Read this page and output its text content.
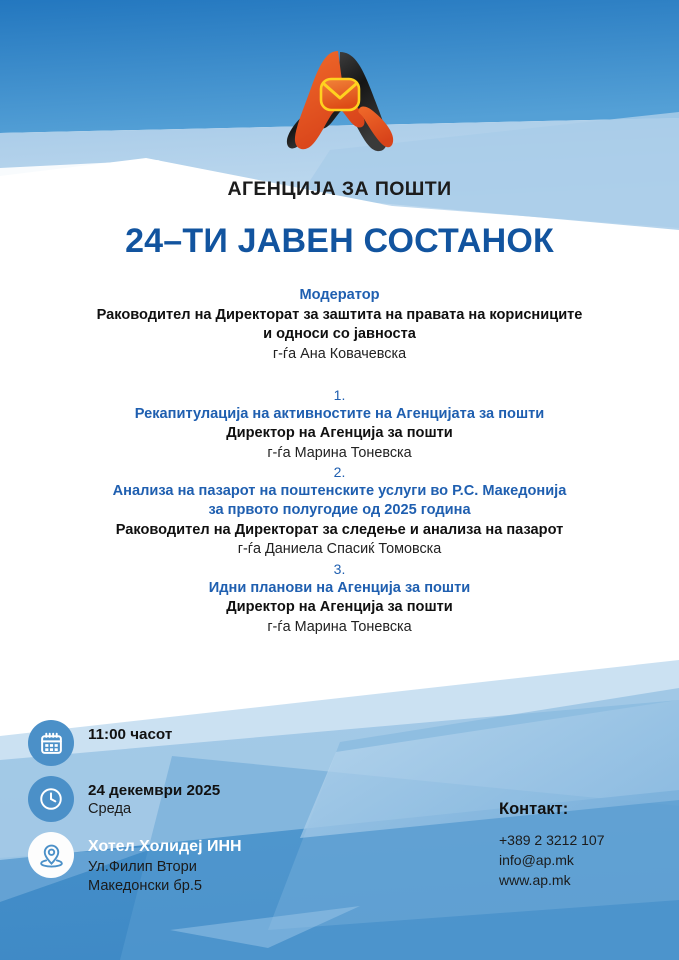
АГЕНЦИЈА ЗА ПОШТИ
24–ТИ ЈАВЕН СОСТАНОК
Модератор
Раководител на Директорат за заштита на правата на корисниците
и односи со јавноста
г-ѓа Ана Ковачевска
1.
Рекапитулација на активностите на Агенцијата за пошти
Директор на Агенција за пошти
г-ѓа Марина Тоневска
2.
Анализа на пазарот на поштенските услуги во Р.С. Македонија
за првото полугодие од 2025 година
Раководител на Директорат за следење и анализа на пазарот
г-ѓа Даниела Спасиќ Томовска
3.
Идни планови на Агенција за пошти
Директор на Агенција за пошти
г-ѓа Марина Тоневска
11:00 часот
24 декември 2025
Среда
Хотел Холидеј ИНН
Ул.Филип Втори
Македонски бр.5
Контакт:
+389 2 3212 107
info@ap.mk
www.ap.mk
